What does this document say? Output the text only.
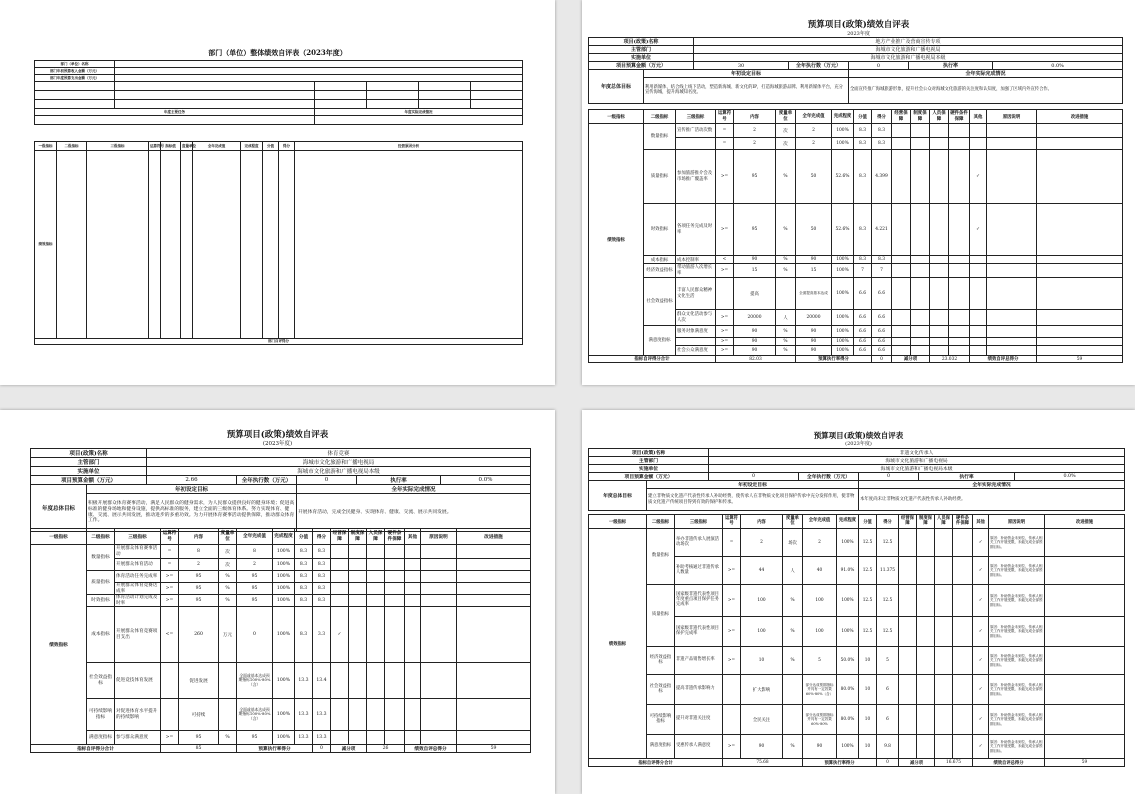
部门（单位）整体绩效自评表（2023年度）
部门（单位）名称					
部门年初预算收入金额（万元）					
部门年度预算支出金额（万元）					

年度主要任务		年度实际完成情况			

一级指标	二级指标	三级指标	运算符号	指标值	度量单位	全年完成值	完成程度	分值	得分	经营原因分析
绩效指标										
部门自评得分										
预算项目(政策)绩效自评表
2023年度
项目(政策)名称		地方产业推广及营商宣传专项				
主管部门		海城市文化旅游和广播电视局				
实施单位		海城市文化旅游和广播电视局本级				
项目预算金额（万元）		30	全年执行数（万元）	0	执行率	0.0%
年度总体目标	年初设定目标			全年实际完成情况		
	利用新媒体，结合线上线下活动，塑造新海城、新文化的IP，打造海城旅游品牌。利用新媒体平台，充分宣传海城，提升海城知名度。			全面宣传推广海城旅游形象，提升社会公众对海城文化旅游的关注度和认知度，加强了区域内外宣传合作。		
一级指标	二级指标	三级指标	运算符号	内容	度量单位	全年完成值	完成程度	分值	得分	经营保障	制度保障	人员保障	硬件条件保障	其他	原因说明	改进措施
绩效指标	数量指标	宣传推广活动次数	=	2	次	2	100%	8.3	8.3							
			=	2	次	2	100%	8.3	8.3							
	质量指标	参加旅游推介会及市场推广覆盖率	>=	95	%	50	52.6%	8.3	4.399					✓		
	时效指标	各项任务完成及时率	>=	95	%	50	52.6%	8.3	4.221					✓		
	成本指标	成本控制率	<	90	%	90	100%	8.3	8.3							
	经济效益指标	带动旅游人次增长率	>=	15	%	15	100%	7	7							
	社会效益指标	丰富人民群众精神文化生活		提高		全面提高基本达成	100%	6.6	6.6							
		群众文化活动参与人次	>=	20000	人	20000	100%	6.6	6.6							
	满意度指标	服务对象满意度	>=	90	%	90	100%	6.6	6.6							
			>=	90	%	90	100%	6.6	6.6							
		社会公众满意度	>=	90	%	90	100%	6.6	6.6							
指标自评得分合计			82.03			预算执行率得分			0	减分项		23.032		绩效自评总得分		59
预算项目(政策)绩效自评表
(2023年度)
项目(政策)名称		体育竞赛				
主管部门		海城市文化旅游和广播电视局				
实施单位		海城市文化旅游和广播电视局本级				
项目预算金额（万元）		2.66	全年执行数（万元）	0	执行率	0.0%
年度总体目标	年初设定目标			全年实际完成情况		
	积极开展群众体育赛事活动，满足人民群众的健身需求，为人民群众提供良好的健身环境；促进高标准的健身场地和健身设施，提供高标准的服务，建立全面的三级体育体系。努力实现体育、健康、交流、展示共同发展，推动进步的多重功效。为力开展体育赛事活动提供保障，推动群众体育工作。			开展体育活动，完成全民健身、实现体育、健康、交流、展示共同发展。		
一级指标	二级指标	三级指标	运算符号	内容	度量单位	全年完成值	完成程度	分值	得分	经营保障	制度保障	人员保障	硬件条件保障	其他	原因说明	改进措施
绩效指标	数量指标	开展群众体育赛事活动	=	8	次	8	100%	8.3	8.3							
		开展群众体育活动	=	2	次	2	100%	8.3	8.3							
	质量指标	体育活动任务完成率	>=	95	%	95	100%	8.3	8.3							
		开展群众体育竞赛达成率	>=	95	%	95	100%	8.3	8.3							
	时效指标	体育活动计划完成及时率	>=	95	%	95	100%	8.3	8.3							
	成本指标	开展群众体育竞赛项目支出	<=	260	万元	0	100%	8.3	3.3	✓						
	社会效益指标	促进竞技体育发展		促进发展		全面或基本达成预期指标100%-80%（含）	100%	13.3	13.4							
	可持续影响指标	对促进体育水平提升的持续影响		可持续		全面或基本达成预期指标100%-80%（含）	100%	13.3	13.3							
	满意度指标	参与群众满意度	>=	95	%	95	100%	13.3	13.3							
指标自评得分合计			85			预算执行率得分			0	减分项		26		绩效自评总得分		59
预算项目(政策)绩效自评表
(2023年度)
项目(政策)名称		非遗文化传承人				
主管部门		海城市文化旅游和广播电视局				
实施单位		海城市文化旅游和广播电视局本级				
项目预算金额（万元）		0	全年执行数（万元）	0	执行率	0.0%
年度总体目标	年初设定目标			全年实际完成情况		
	建立非物质文化遗产代表性传承人补助经费，使传承人在非物质文化项目保护传承中充分发挥作用，使非物质文化遗产传统项目得到有效的保护和传承。			本年度尚未让非物质文化遗产代表性传承人补助经费。		
一级指标	二级指标	三级指标	运算符号	内容	度量单位	全年完成值	完成程度	分值	得分	经营保障	制度保障	人员保障	硬件条件保障	其他	原因说明	改进措施
绩效指标	数量指标	举办非遗传承人展演活动场次	=	2	场次	2	100%	12.5	12.5					✓	原因：补助资金未到位，传承人相关工作开展受限，未能完成全部预期目标。	
		补助考核通过非遗传承人数量	>=	44	人	40	91.0%	12.5	11.375					✓	原因：补助资金未到位，传承人相关工作开展受限，未能完成全部预期目标。	
	质量指标	国家级非遗代表性项目年度重点项目保护任务完成率	>=	100	%	100	100%	12.5	12.5					✓	原因：补助资金未到位，传承人相关工作开展受限，未能完成全部预期目标。	
		国家级非遗代表性项目保护完成率	>=	100	%	100	100%	12.5	12.5					✓	原因：补助资金未到位，传承人相关工作开展受限，未能完成全部预期目标。	
	经济效益指标	非遗产品销售增长率	>=	10	%	5	50.0%	10	5					✓	原因：补助资金未到位，传承人相关工作开展受限，未能完成全部预期目标。	
	社会效益指标	提高非遗传承影响力		扩大影响		部分达成预期指标并具有一定效果60%-80%（含）	80.0%	10	6					✓	原因：补助资金未到位，传承人相关工作开展受限，未能完成全部预期目标。	
	可持续影响指标	提升对非遗关注度		全民关注		部分达成预期指标并具有一定效果60%-80%	80.0%	10	6					✓	原因：补助资金未到位，传承人相关工作开展受限，未能完成全部预期目标。	
	满意度指标	受惠传承人满意度	>=	90	%	90	100%	10	9.8					✓	原因：补助资金未到位，传承人相关工作开展受限，未能完成全部预期目标。	
指标自评得分合计			75.68			预算执行率得分			0	减分项		16.675		绩效自评总得分		59
